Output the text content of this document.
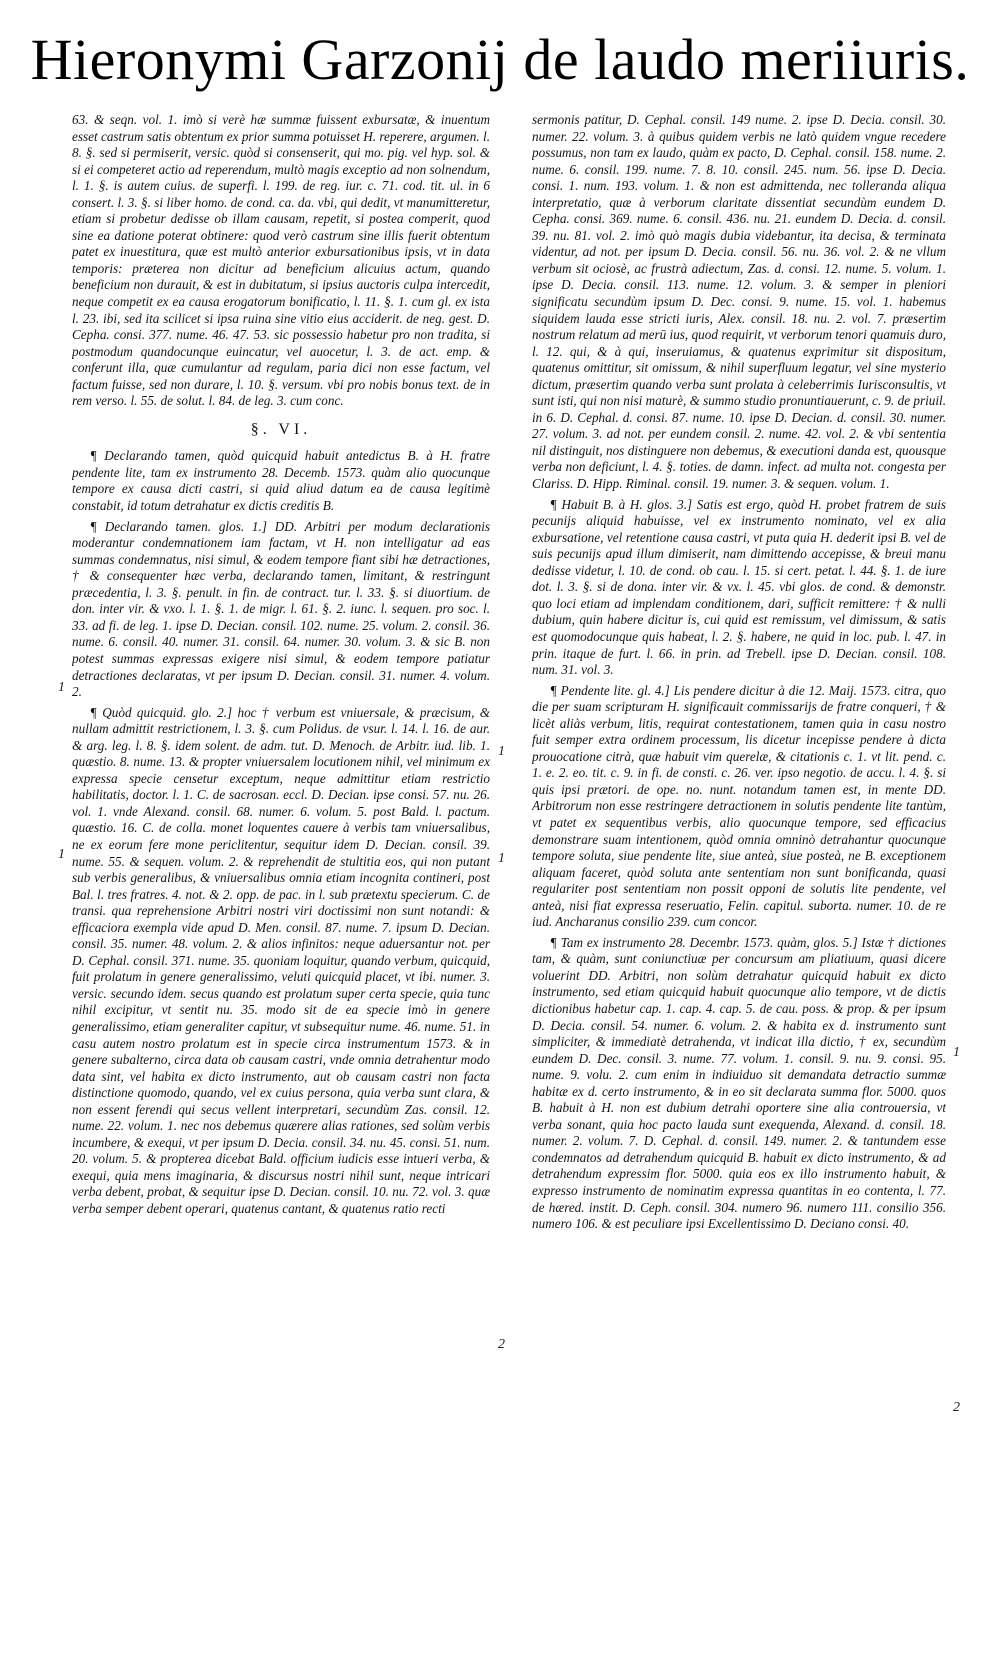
Hieronymi Garzonij de laudo meriiuris.

63. & seqn. vol. 1. imò si verè hæ summæ fuissent exbursatæ, & inuentum esset castrum satis obtentum ex prior summa potuisset H. reperere, argumen. l. 8. §. sed si permiserit, versic. quòd si consenserit, qui mo. pig. vel hyp. sol. & si ei competeret actio ad reperendum, multò magis exceptio ad non solnendum, l. 1. §. is autem cuius. de superfi. l. 199. de reg. iur. c. 71. cod. tit. ul. in 6 consert. l. 3. §. si liber homo. de cond. ca. da. vbi, qui dedit, vt manumitteretur, etiam si probetur dedisse ob illam causam, repetit, si postea comperit, quod sine ea datione poterat obtinere: quod verò castrum sine illis fuerit obtentum patet ex inuestitura, quæ est multò anterior exbursationibus ipsis, vt in data temporis: præterea non dicitur ad beneficium alicuius actum, quando beneficium non durauit, & est in dubitatum, si ipsius auctoris culpa intercedit, neque competit ex ea causa erogatorum bonificatio, l. 11. §. 1. cum gl. ex ista l. 23. ibi, sed ita scilicet si ipsa ruina sine vitio eius acciderit. de neg. gest. D. Cepha. consi. 377. nume. 46. 47. 53. sic possessio habetur pro non tradita, si postmodum quandocunque euincatur, vel auocetur, l. 3. de act. emp. & conferunt illa, quæ cumulantur ad regulam, paria dici non esse factum, vel factum fuisse, sed non durare, l. 10. §. versum. vbi pro nobis bonus text. de in rem verso. l. 55. de solut. l. 84. de leg. 3. cum conc.

§. VI.

¶ Declarando tamen, quòd quicquid habuit antedictus B. à H. fratre pendente lite, tam ex instrumento 28. Decemb. 1573. quàm alio quocunque tempore ex causa dicti castri, si quid aliud datum ea de causa legitimè constabit, id totum detrahatur ex dictis creditis B.

¶ Declarando tamen. glos. 1.] DD. Arbitri per modum declarationis moderantur condemnationem iam factam, vt H. non intelligatur ad eas summas condemnatus, nisi simul, & eodem tempore fiant sibi hæ detractiones, † & consequenter hæc verba, declarando tamen, limitant, & restringunt præcedentia, l. 3. §. penult. in fin. de contract. tur. l. 33. §. si diuortium. de don. inter vir. & vxo. l. 1. §. 1. de migr. l. 61. §. 2. iunc. l. sequen. pro soc. l. 33. ad fi. de leg. 1. ipse D. Decian. consil. 102. nume. 25. volum. 2. consil. 36. nume. 6. consil. 40. numer. 31. consil. 64. numer. 30. volum. 3. & sic B. non potest summas expressas exigere nisi simul, & eodem tempore patiatur detractiones declaratas, vt per ipsum D. Decian. consil. 31. numer. 4. volum. 2.

¶ Quòd quicquid. glo. 2.] hoc † verbum est vniuersale, & præcisum, & nullam admittit restrictionem, l. 3. §. cum Polidus. de vsur. l. 14. l. 16. de aur. & arg. leg. l. 8. §. idem solent. de adm. tut. D. Menoch. de Arbitr. iud. lib. 1. quæstio. 8. nume. 13. & propter vniuersalem locutionem nihil, vel minimum ex expressa specie censetur exceptum, neque admittitur etiam restrictio habilitatis, doctor. l. 1. C. de sacrosan. eccl. D. Decian. ipse consi. 57. nu. 26. vol. 1. vnde Alexand. consil. 68. numer. 6. volum. 5. post Bald. l. pactum. quæstio. 16. C. de colla. monet loquentes cauere à verbis tam vniuersalibus, ne ex eorum fere mone periclitentur, sequitur idem D. Decian. consil. 39. nume. 55. & sequen. volum. 2. & reprehendit de stultitia eos, qui non putant sub verbis generalibus, & vniuersalibus omnia etiam incognita contineri, post Bal. l. tres fratres. 4. not. & 2. opp. de pac. in l. sub prætextu specierum. C. de transi. qua reprehensione Arbitri nostri viri doctissimi non sunt notandi: & efficaciora exempla vide apud D. Men. consil. 87. nume. 7. ipsum D. Decian. consil. 35. numer. 48. volum. 2. & alios infinitos: neque aduersantur not. per D. Cephal. consil. 371. nume. 35. quoniam loquitur, quando verbum, quicquid, fuit prolatum in genere generalissimo, veluti quicquid placet, vt ibi. numer. 3. versic. secundo idem. secus quando est prolatum super certa specie, quia tunc nihil excipitur, vt sentit nu. 35. modo sit de ea specie imò in genere generalissimo, etiam generaliter capitur, vt subsequitur nume. 46. nume. 51. in casu autem nostro prolatum est in specie circa instrumentum 1573. & in genere subalterno, circa data ob causam castri, vnde omnia detrahentur modo data sint, vel habita ex dicto instrumento, aut ob causam castri non facta distinctione quomodo, quando, vel ex cuius persona, quia verba sunt clara, & non essent ferendi qui secus vellent interpretari, secundùm Zas. consil. 12. nume. 22. volum. 1. nec nos debemus quærere alias rationes, sed solùm verbis incumbere, & exequi, vt per ipsum D. Decia. consil. 34. nu. 45. consi. 51. num. 20. volum. 5. & propterea dicebat Bald. officium iudicis esse intueri verba, & exequi, quia mens imaginaria, & discursus nostri nihil sunt, neque intricari verba debent, probat, & sequitur ipse D. Decian. consil. 10. nu. 72. vol. 3. quæ verba semper debent operari, quatenus cantant, & quatenus ratio recti

sermonis patitur, D. Cephal. consil. 149 nume. 2. ipse D. Decia. consil. 30. numer. 22. volum. 3. à quibus quidem verbis ne latò quidem vngue recedere possumus, non tam ex laudo, quàm ex pacto, D. Cephal. consil. 158. nume. 2. nume. 6. consil. 199. nume. 7. 8. 10. consil. 245. num. 56. ipse D. Decia. consi. 1. num. 193. volum. 1. & non est admittenda, nec tolleranda aliqua interpretatio, quæ à verborum claritate dissentiat secundùm eundem D. Cepha. consi. 369. nume. 6. consil. 436. nu. 21. eundem D. Decia. d. consil. 39. nu. 81. vol. 2. imò quò magis dubia videbantur, ita decisa, & terminata videntur, ad not. per ipsum D. Decia. consil. 56. nu. 36. vol. 2. & ne vllum verbum sit ociosè, ac frustrà adiectum, Zas. d. consi. 12. nume. 5. volum. 1. ipse D. Decia. consil. 113. nume. 12. volum. 3. & semper in pleniori significatu secundùm ipsum D. Dec. consi. 9. nume. 15. vol. 1. habemus siquidem lauda esse stricti iuris, Alex. consil. 18. nu. 2. vol. 7. præsertim nostrum relatum ad merū ius, quod requirit, vt verborum tenori quamuis duro, l. 12. qui, & à qui, inseruiamus, & quatenus exprimitur sit dispositum, quatenus omittitur, sit omissum, & nihil superfluum legatur, vel sine mysterio dictum, præsertim quando verba sunt prolata à celeberrimis Iurisconsultis, vt sunt isti, qui non nisi maturè, & summo studio pronuntiauerunt, c. 9. de priuil. in 6. D. Cephal. d. consi. 87. nume. 10. ipse D. Decian. d. consil. 30. numer. 27. volum. 3. ad not. per eundem consil. 2. nume. 42. vol. 2. & vbi sententia nil distinguit, nos distinguere non debemus, & executioni danda est, quousque verba non deficiunt, l. 4. §. toties. de damn. infect. ad multa not. congesta per Clariss. D. Hipp. Riminal. consil. 19. numer. 3. & sequen. volum. 1.

¶ Habuit B. à H. glos. 3.] Satis est ergo, quòd H. probet fratrem de suis pecunijs aliquid habuisse, vel ex instrumento nominato, vel ex alia exbursatione, vel retentione causa castri, vt puta quia H. dederit ipsi B. vel de suis pecunijs apud illum dimiserit, nam dimittendo accepisse, & breui manu dedisse videtur, l. 10. de cond. ob cau. l. 15. si cert. petat. l. 44. §. 1. de iure dot. l. 3. §. si de dona. inter vir. & vx. l. 45. vbi glos. de cond. & demonstr. quo loci etiam ad implendam conditionem, dari, sufficit remittere: † & nulli dubium, quin habere dicitur is, cui quid est remissum, vel dimissum, & satis est quomodocunque quis habeat, l. 2. §. habere, ne quid in loc. pub. l. 47. in prin. itaque de furt. l. 66. in prin. ad Trebell. ipse D. Decian. consil. 108. num. 31. vol. 3.

¶ Pendente lite. gl. 4.] Lis pendere dicitur à die 12. Maij. 1573. citra, quo die per suam scripturam H. significauit commissarijs de fratre conqueri, † & licèt aliàs verbum, litis, requirat contestationem, tamen quia in casu nostro fuit semper extra ordinem processum, lis dicetur incepisse pendere à dicta prouocatione citrà, quæ habuit vim querelæ, & citationis c. 1. vt lit. pend. c. 1. e. 2. eo. tit. c. 9. in fi. de consti. c. 26. ver. ipso negotio. de accu. l. 4. §. si quis ipsi prætori. de ope. no. nunt. notandum tamen est, in mente DD. Arbitrorum non esse restringere detractionem in solutis pendente lite tantùm, vt patet ex sequentibus verbis, alio quocunque tempore, sed efficacius demonstrare suam intentionem, quòd omnia omninò detrahantur quocunque tempore soluta, siue pendente lite, siue anteà, siue posteà, ne B. exceptionem aliquam faceret, quòd soluta ante sententiam non sunt bonificanda, quasi regulariter post sententiam non possit opponi de solutis lite pendente, vel anteà, nisi fiat expressa reseruatio, Felin. capitul. suborta. numer. 10. de re iud. Ancharanus consilio 239. cum concor.

¶ Tam ex instrumento 28. Decembr. 1573. quàm, glos. 5.] Istæ † dictiones tam, & quàm, sunt coniunctiuæ per concursum am pliatiuum, quasi dicere voluerint DD. Arbitri, non solùm detrahatur quicquid habuit ex dicto instrumento, sed etiam quicquid habuit quocunque alio tempore, vt de dictis dictionibus habetur cap. 1. cap. 4. cap. 5. de cau. poss. & prop. & per ipsum D. Decia. consil. 54. numer. 6. volum. 2. & habita ex d. instrumento sunt simpliciter, & immediatè detrahenda, vt indicat illa dictio, † ex, secundùm eundem D. Dec. consil. 3. nume. 77. volum. 1. consil. 9. nu. 9. consi. 95. nume. 9. volu. 2. cum enim in indiuiduo sit demandata detractio summæ habitæ ex d. certo instrumento, & in eo sit declarata summa flor. 5000. quos B. habuit à H. non est dubium detrahi oportere sine alia controuersia, vt verba sonant, quia hoc pacto lauda sunt exequenda, Alexand. d. consil. 18. numer. 2. volum. 7. D. Cephal. d. consil. 149. numer. 2. & tantundem esse condemnatos ad detrahendum quicquid B. habuit ex dicto instrumento, & ad detrahendum expressim flor. 5000. quia eos ex illo instrumento habuit, & expresso instrumento de nominatim expressa quantitas in eo contenta, l. 77. de hæred. instit. D. Ceph. consil. 304. numero 96. numero 111. consilio 356. numero 106. & est peculiare ipsi Excellentissimo D. Deciano consi. 40.

1
1
1
1
2
1
2
